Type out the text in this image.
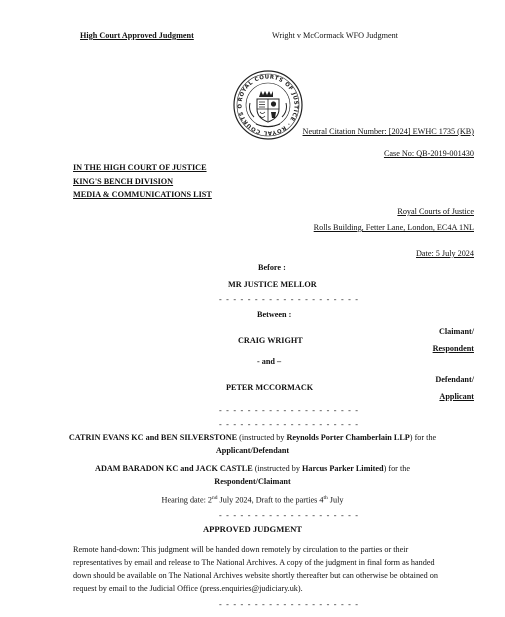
High Court Approved Judgment	Wright v McCormack WFO Judgment
ROYAL COURTS OF JUSTICE · ROYAL COURTS O
Neutral Citation Number: [2024] EWHC 1735 (KB)
Case No: QB-2019-001430
IN THE HIGH COURT OF JUSTICE
KING'S BENCH DIVISION
MEDIA & COMMUNICATIONS LIST
Royal Courts of Justice
Rolls Building, Fetter Lane, London, EC4A 1NL
Date: 5 July 2024
Before :
MR JUSTICE MELLOR
- - - - - - - - - - - - - - - - - - - -
Between :
Claimant/
CRAIG WRIGHT
Respondent
- and –
Defendant/
PETER MCCORMACK
Applicant
- - - - - - - - - - - - - - - - - - - -
- - - - - - - - - - - - - - - - - - - -
CATRIN EVANS KC and BEN SILVERSTONE (instructed by Reynolds Porter Chamberlain LLP) for the
Applicant/Defendant
ADAM BARADON KC and JACK CASTLE (instructed by Harcus Parker Limited) for the
Respondent/Claimant
Hearing date: 2nd July 2024, Draft to the parties 4th July
- - - - - - - - - - - - - - - - - - - -
APPROVED JUDGMENT
Remote hand-down: This judgment will be handed down remotely by circulation to the parties or their
representatives by email and release to The National Archives. A copy of the judgment in final form as handed
down should be available on The National Archives website shortly thereafter but can otherwise be obtained on
request by email to the Judicial Office (press.enquiries@judiciary.uk).
- - - - - - - - - - - - - - - - - - - -
